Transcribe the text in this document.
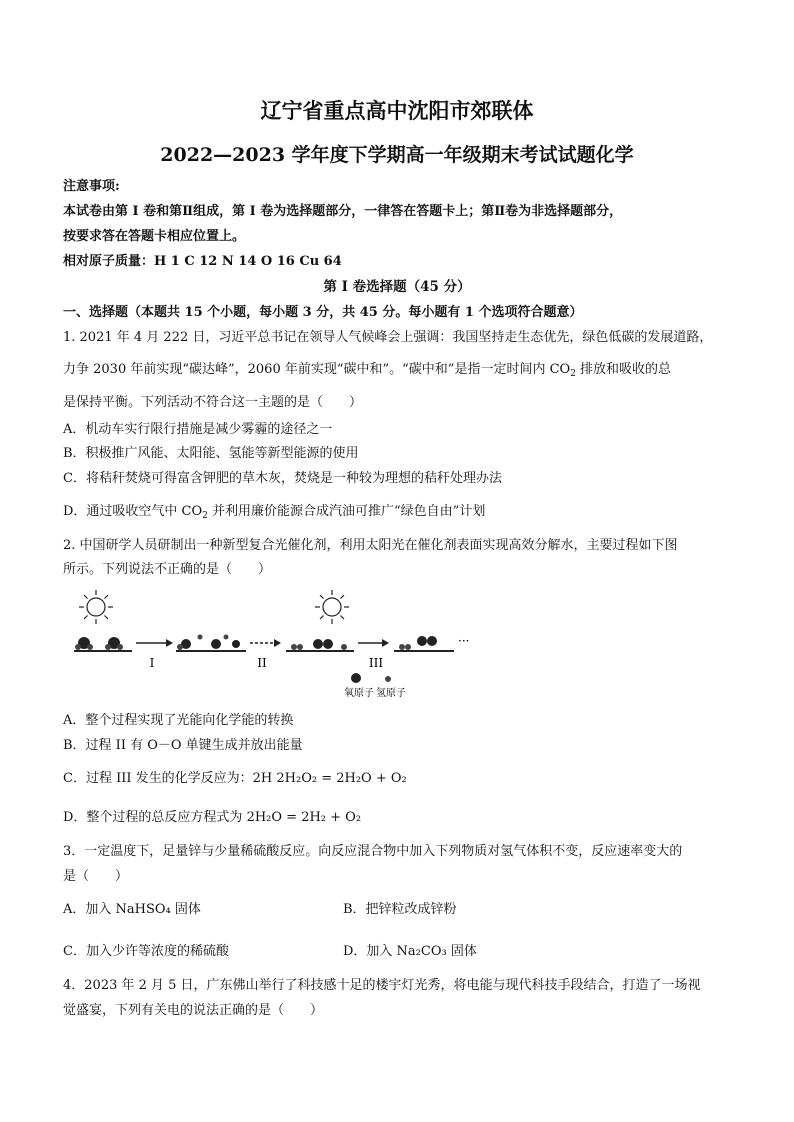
辽宁省重点高中沈阳市郊联体
2022—2023 学年度下学期高一年级期末考试试题化学
注意事项:
本试卷由第 I 卷和第Ⅱ组成，第 I 卷为选择题部分，一律答在答题卡上；第Ⅱ卷为非选择题部分，
按要求答在答题卡相应位置上。
相对原子质量：H 1 C 12 N 14 O 16 Cu 64
第 I 卷选择题（45 分）
一、选择题（本题共 15 个小题，每小题 3 分，共 45 分。每小题有 1 个选项符合题意）
1. 2021 年 4 月 222 日，习近平总书记在领导人气候峰会上强调：我国坚持走生态优先，绿色低碳的发展道路，
力争 2030 年前实现“碳达峰”，2060 年前实现“碳中和”。“碳中和”是指一定时间内 $CO_2$ 排放和吸收的总
是保持平衡。下列活动不符合这一主题的是（　　）
A．机动车实行限行措施是减少雾霾的途径之一
B．积极推广风能、太阳能、氢能等新型能源的使用
C．将秸秆焚烧可得富含钾肥的草木灰，焚烧是一种较为理想的秸秆处理办法
D．通过吸收空气中 $CO_2$ 并利用廉价能源合成汽油可推广“绿色自由”计划
2. 中国研学人员研制出一种新型复合光催化剂，利用太阳光在催化剂表面实现高效分解水，主要过程如下图
所示。下列说法不正确的是（　　）
I	II	III
···
氧原子 氢原子
A．整个过程实现了光能向化学能的转换
B．过程 II 有 O－O 单键生成并放出能量
C．过程 III 发生的化学反应为：2H 2H₂O₂ = 2H₂O + O₂
D．整个过程的总反应方程式为 2H₂O = 2H₂ + O₂
3．一定温度下，足量锌与少量稀硫酸反应。向反应混合物中加入下列物质对氢气体积不变，反应速率变大的
是（　　）
A．加入 NaHSO₄ 固体	B．把锌粒改成锌粉
C．加入少许等浓度的稀硫酸	D．加入 Na₂CO₃ 固体
4．2023 年 2 月 5 日，广东佛山举行了科技感十足的楼宇灯光秀，将电能与现代科技手段结合，打造了一场视
觉盛宴，下列有关电的说法正确的是（　　）
